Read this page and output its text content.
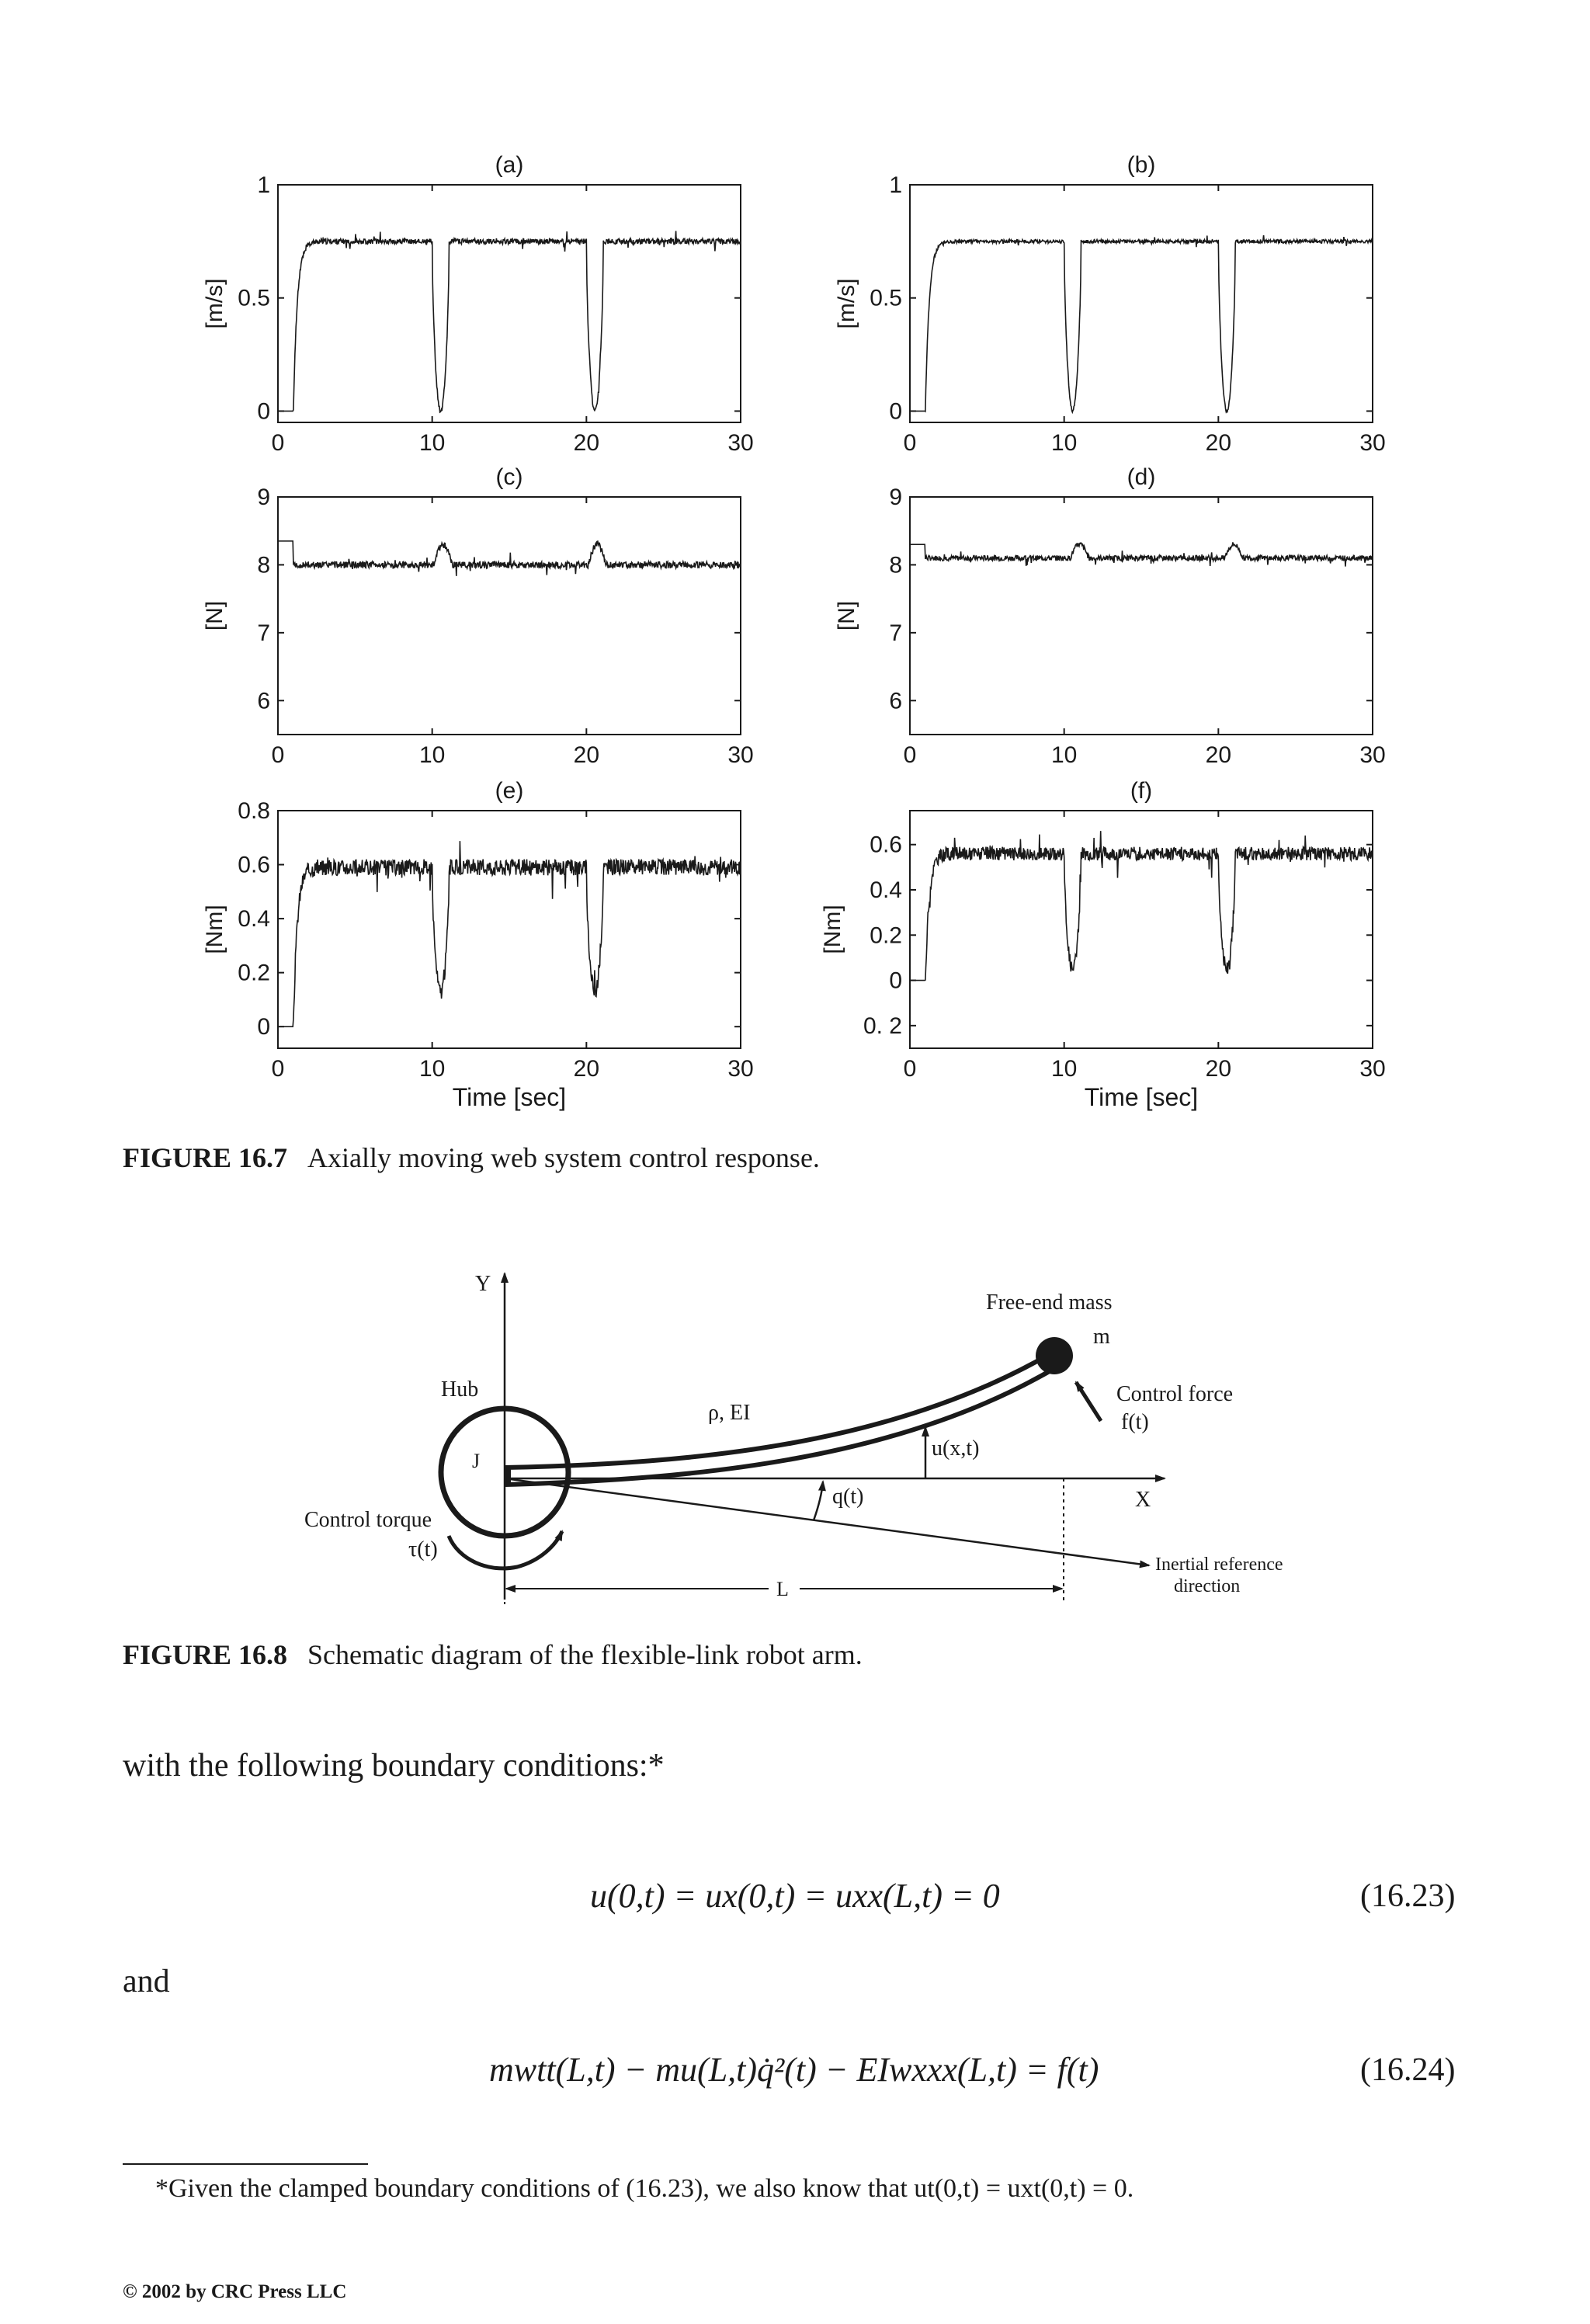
(a)
0	10	20	30
0
0.5
1
[m/s]
(b)
0	10	20	30
0
0.5
1
[m/s]
(c)
0	10	20	30
6
7
8
9
[N]
(d)
0	10	20	30
6
7
8
9
[N]
(e)
0	10	20	30
0
0.2
0.4
0.6
0.8
[Nm]
Time [sec]
(f)
0	10	20	30
0. 2
0
0.2
0.4
0.6
[Nm]
Time [sec]
FIGURE 16.7 Axially moving web system control response.
Y
X
Hub
J
ρ, EI
Free-end mass
m
Control force
f(t)
u(x,t)
Inertial reference
direction
q(t)
Control torque
τ(t)
L
FIGURE 16.8 Schematic diagram of the flexible-link robot arm.
with the following boundary conditions:*
u(0,t) = ux(0,t) = uxx(L,t) = 0	(16.23)
and
mwtt(L,t) − mu(L,t)q̇²(t) − EIwxxx(L,t) = f(t)	(16.24)
*Given the clamped boundary conditions of (16.23), we also know that ut(0,t) = uxt(0,t) = 0.
© 2002 by CRC Press LLC
